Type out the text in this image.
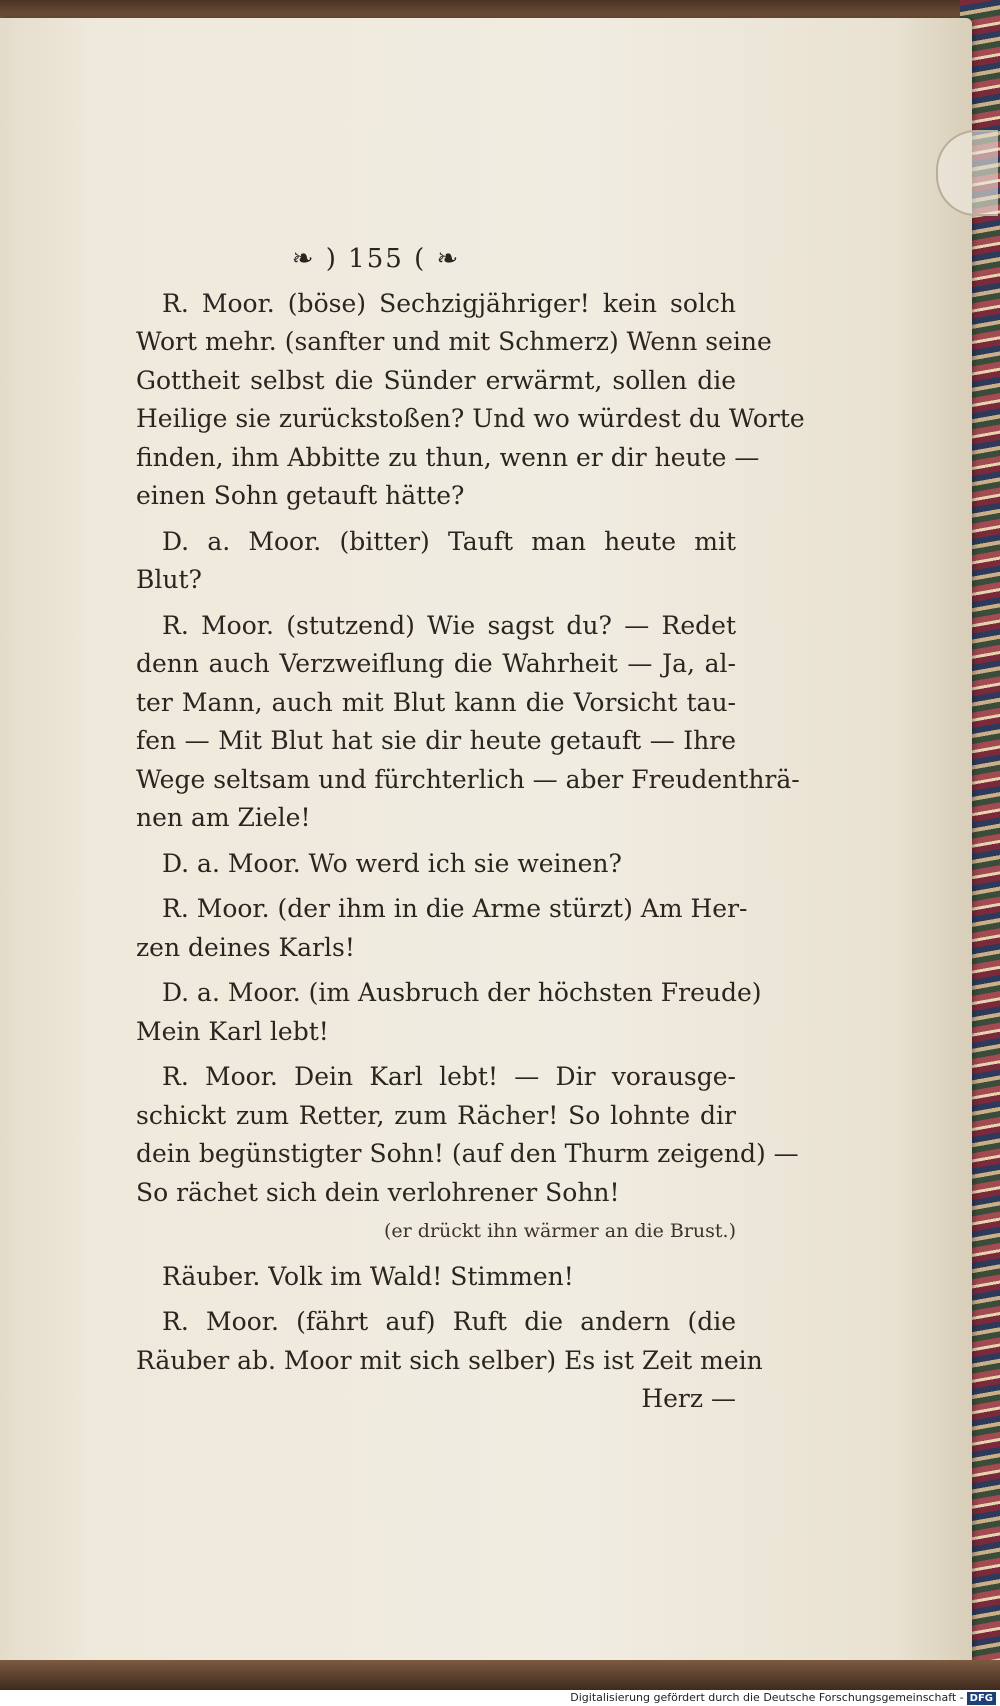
❧ ) 155 ( ❧
R. Moor. (böse) Sechzigjähriger! kein solch
Wort mehr. (sanfter und mit Schmerz) Wenn seine
Gottheit selbst die Sünder erwärmt, sollen die
Heilige sie zurückstoßen? Und wo würdest du Worte
finden, ihm Abbitte zu thun, wenn er dir heute —
einen Sohn getauft hätte?
D. a. Moor. (bitter) Tauft man heute mit
Blut?
R. Moor. (stutzend) Wie sagst du? — Redet
denn auch Verzweiflung die Wahrheit — Ja, al-
ter Mann, auch mit Blut kann die Vorsicht tau-
fen — Mit Blut hat sie dir heute getauft — Ihre
Wege seltsam und fürchterlich — aber Freudenthrä-
nen am Ziele!
D. a. Moor. Wo werd ich sie weinen?
R. Moor. (der ihm in die Arme stürzt) Am Her-
zen deines Karls!
D. a. Moor. (im Ausbruch der höchsten Freude)
Mein Karl lebt!
R. Moor. Dein Karl lebt! — Dir vorausge-
schickt zum Retter, zum Rächer! So lohnte dir
dein begünstigter Sohn! (auf den Thurm zeigend) —
So rächet sich dein verlohrener Sohn!
(er drückt ihn wärmer an die Brust.)
Räuber. Volk im Wald! Stimmen!
R. Moor. (fährt auf) Ruft die andern (die
Räuber ab. Moor mit sich selber) Es ist Zeit mein
Herz —
Digitalisierung gefördert durch die Deutsche Forschungsgemeinschaft - DFG
